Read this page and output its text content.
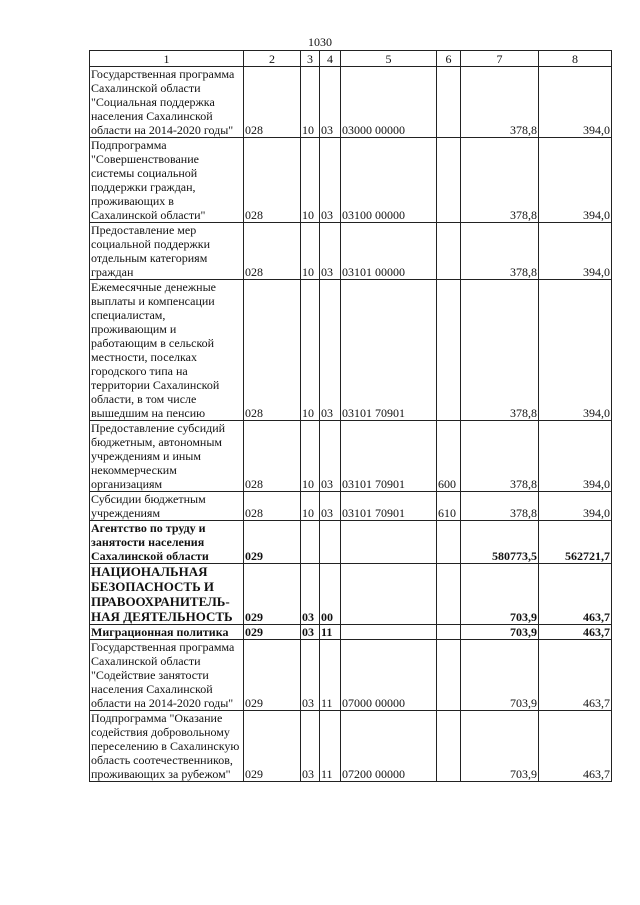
1030
1	2	3	4	5	6	7	8
Государственная программа Сахалинской области "Социальная поддержка населения Сахалинской области на 2014-2020 годы"	028	10	03	03000 00000		378,8	394,0
Подпрограмма "Совершенствование системы социальной поддержки граждан, проживающих в Сахалинской области"	028	10	03	03100 00000		378,8	394,0
Предоставление мер социальной поддержки отдельным категориям граждан	028	10	03	03101 00000		378,8	394,0
Ежемесячные денежные выплаты и компенсации специалистам, проживающим и работающим в сельской местности, поселках городского типа на территории Сахалинской области, в том числе вышедшим на пенсию	028	10	03	03101 70901		378,8	394,0
Предоставление субсидий бюджетным, автономным учреждениям и иным некоммерческим организациям	028	10	03	03101 70901	600	378,8	394,0
Субсидии бюджетным учреждениям	028	10	03	03101 70901	610	378,8	394,0
Агентство по труду и занятости населения Сахалинской области	029					580773,5	562721,7
НАЦИОНАЛЬНАЯ БЕЗОПАСНОСТЬ И ПРАВООХРАНИТЕЛЬ-НАЯ ДЕЯТЕЛЬНОСТЬ	029	03	00			703,9	463,7
Миграционная политика	029	03	11			703,9	463,7
Государственная программа Сахалинской области "Содействие занятости населения Сахалинской области на 2014-2020 годы"	029	03	11	07000 00000		703,9	463,7
Подпрограмма "Оказание содействия добровольному переселению в Сахалинскую область соотечественников, проживающих за рубежом"	029	03	11	07200 00000		703,9	463,7
